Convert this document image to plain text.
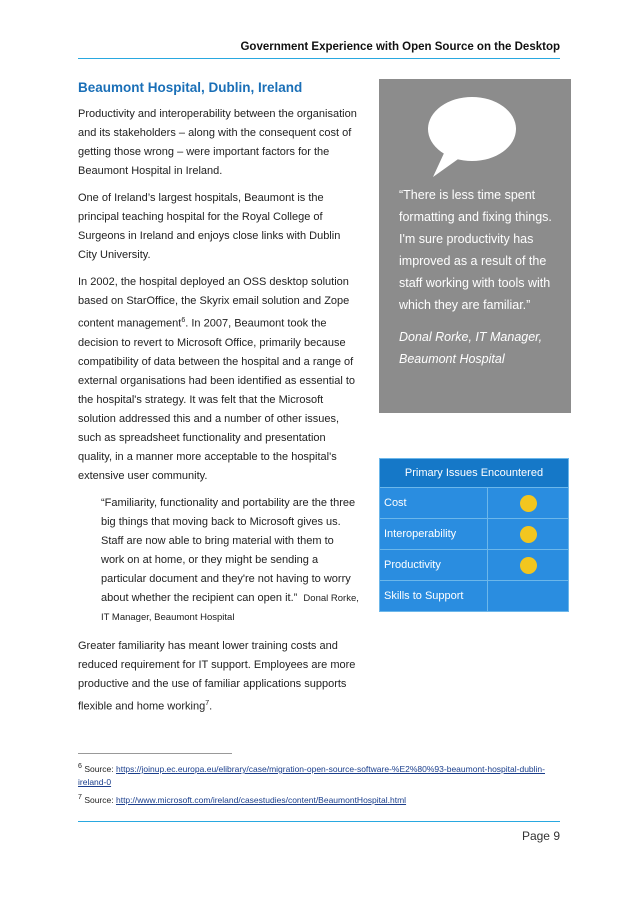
Government Experience with Open Source on the Desktop
Beaumont Hospital, Dublin, Ireland

Productivity and interoperability between the organisation and its stakeholders – along with the consequent cost of getting those wrong – were important factors for the Beaumont Hospital in Ireland.

One of Ireland’s largest hospitals, Beaumont is the principal teaching hospital for the Royal College of Surgeons in Ireland and enjoys close links with Dublin City University.

In 2002, the hospital deployed an OSS desktop solution based on StarOffice, the Skyrix email solution and Zope content management$^6$. In 2007, Beaumont took the decision to revert to Microsoft Office, primarily because compatibility of data between the hospital and a range of external organisations had been identified as essential to the hospital's strategy. It was felt that the Microsoft solution addressed this and a number of other issues, such as spreadsheet functionality and presentation quality, in a manner more acceptable to the hospital's extensive user community.

“Familiarity, functionality and portability are the three big things that moving back to Microsoft gives us. Staff are now able to bring material with them to work on at home, or they might be sending a particular document and they're not having to worry about whether the recipient can open it.” Donal Rorke, IT Manager, Beaumont Hospital

Greater familiarity has meant lower training costs and reduced requirement for IT support. Employees are more productive and the use of familiar applications supports flexible and home working$^7$.

“There is less time spent formatting and fixing things. I'm sure productivity has improved as a result of the staff working with tools with which they are familiar.”
Donal Rorke, IT Manager, Beaumont Hospital
Primary Issues Encountered	
Cost	
Interoperability	
Productivity	
Skills to Support	

$^6$ Source: https://joinup.ec.europa.eu/elibrary/case/migration-open-source-software-%E2%80%93-beaumont-hospital-dublin-ireland-0

$^7$ Source: http://www.microsoft.com/ireland/casestudies/content/BeaumontHospital.html

Page 9
